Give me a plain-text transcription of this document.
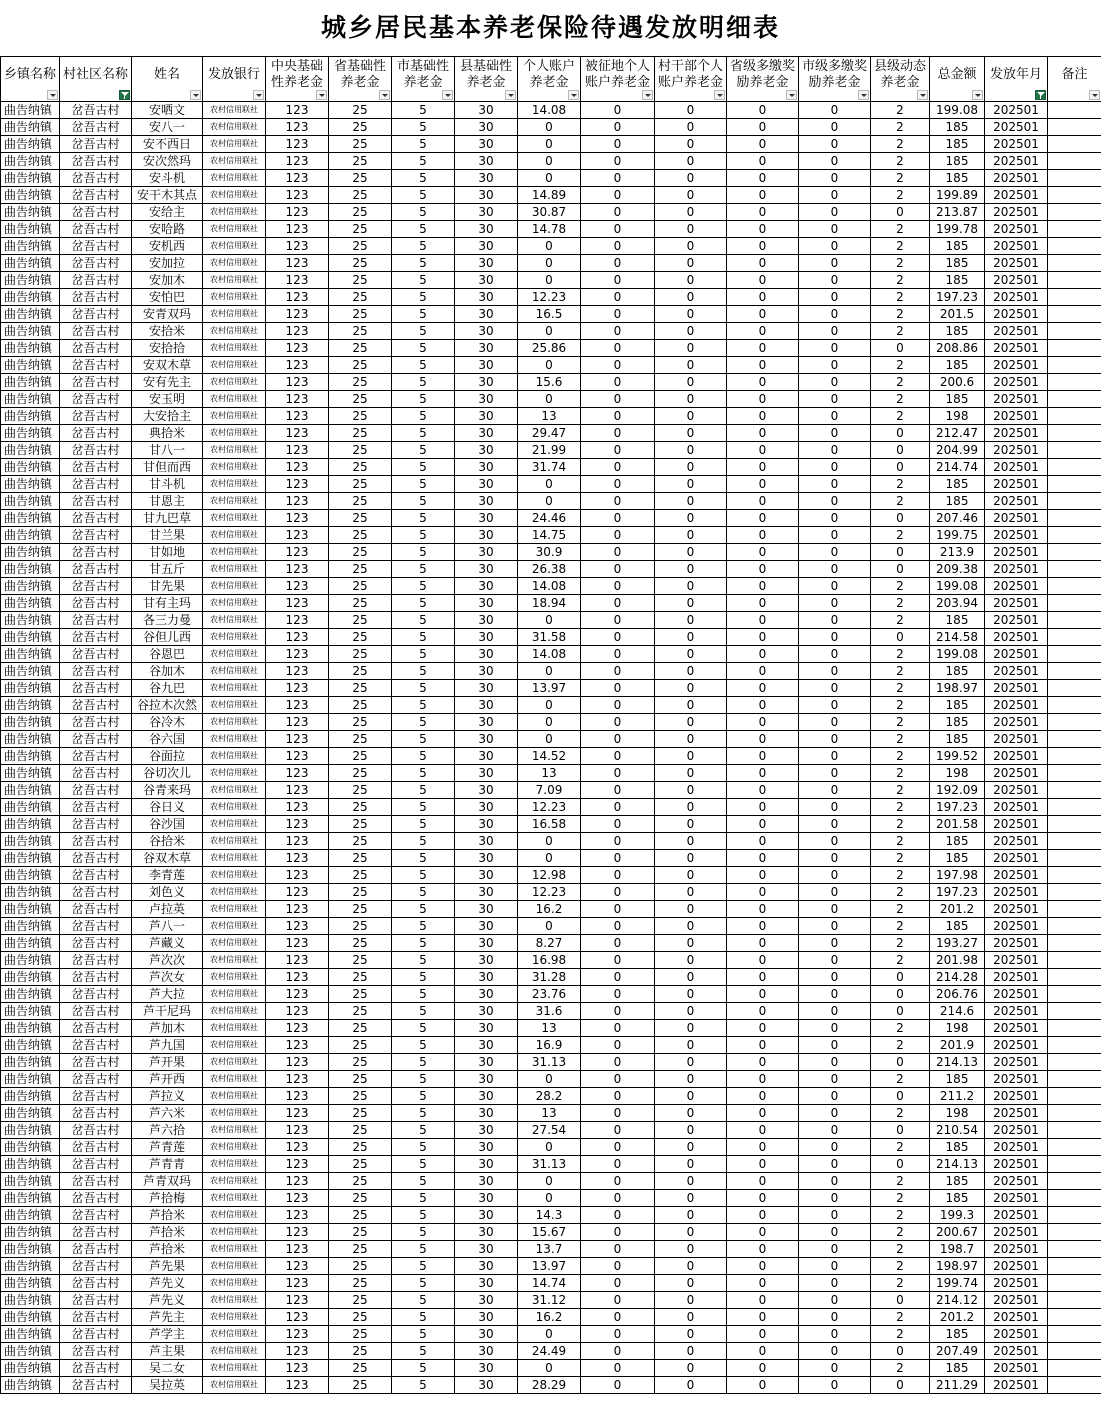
城乡居民基本养老保险待遇发放明细表
乡镇名称	村社区名称	姓名	发放银行	中央基础性养老金	省基础性养老金	市基础性养老金	县基础性养老金	个人账户养老金	被征地个人账户养老金	村干部个人账户养老金	省级多缴奖励养老金	市级多缴奖励养老金	县级动态养老金	总金额	发放年月	备注

曲告纳镇	岔吾古村	安哂文	农村信用联社	123	25	5	30	14.08	0	0	0	0	2	199.08	202501	
曲告纳镇	岔吾古村	安八一	农村信用联社	123	25	5	30	0	0	0	0	0	2	185	202501	
曲告纳镇	岔吾古村	安不西日	农村信用联社	123	25	5	30	0	0	0	0	0	2	185	202501	
曲告纳镇	岔吾古村	安次然玛	农村信用联社	123	25	5	30	0	0	0	0	0	2	185	202501	
曲告纳镇	岔吾古村	安斗机	农村信用联社	123	25	5	30	0	0	0	0	0	2	185	202501	
曲告纳镇	岔吾古村	安干木其点	农村信用联社	123	25	5	30	14.89	0	0	0	0	2	199.89	202501	
曲告纳镇	岔吾古村	安给主	农村信用联社	123	25	5	30	30.87	0	0	0	0	0	213.87	202501	
曲告纳镇	岔吾古村	安哈路	农村信用联社	123	25	5	30	14.78	0	0	0	0	2	199.78	202501	
曲告纳镇	岔吾古村	安机西	农村信用联社	123	25	5	30	0	0	0	0	0	2	185	202501	
曲告纳镇	岔吾古村	安加拉	农村信用联社	123	25	5	30	0	0	0	0	0	2	185	202501	
曲告纳镇	岔吾古村	安加木	农村信用联社	123	25	5	30	0	0	0	0	0	2	185	202501	
曲告纳镇	岔吾古村	安怕巴	农村信用联社	123	25	5	30	12.23	0	0	0	0	2	197.23	202501	
曲告纳镇	岔吾古村	安青双玛	农村信用联社	123	25	5	30	16.5	0	0	0	0	2	201.5	202501	
曲告纳镇	岔吾古村	安拾米	农村信用联社	123	25	5	30	0	0	0	0	0	2	185	202501	
曲告纳镇	岔吾古村	安拾拾	农村信用联社	123	25	5	30	25.86	0	0	0	0	0	208.86	202501	
曲告纳镇	岔吾古村	安双木草	农村信用联社	123	25	5	30	0	0	0	0	0	2	185	202501	
曲告纳镇	岔吾古村	安有先主	农村信用联社	123	25	5	30	15.6	0	0	0	0	2	200.6	202501	
曲告纳镇	岔吾古村	安玉明	农村信用联社	123	25	5	30	0	0	0	0	0	2	185	202501	
曲告纳镇	岔吾古村	大安拾主	农村信用联社	123	25	5	30	13	0	0	0	0	2	198	202501	
曲告纳镇	岔吾古村	典拾米	农村信用联社	123	25	5	30	29.47	0	0	0	0	0	212.47	202501	
曲告纳镇	岔吾古村	甘八一	农村信用联社	123	25	5	30	21.99	0	0	0	0	0	204.99	202501	
曲告纳镇	岔吾古村	甘但而西	农村信用联社	123	25	5	30	31.74	0	0	0	0	0	214.74	202501	
曲告纳镇	岔吾古村	甘斗机	农村信用联社	123	25	5	30	0	0	0	0	0	2	185	202501	
曲告纳镇	岔吾古村	甘恩主	农村信用联社	123	25	5	30	0	0	0	0	0	2	185	202501	
曲告纳镇	岔吾古村	甘九巴草	农村信用联社	123	25	5	30	24.46	0	0	0	0	0	207.46	202501	
曲告纳镇	岔吾古村	甘兰果	农村信用联社	123	25	5	30	14.75	0	0	0	0	2	199.75	202501	
曲告纳镇	岔吾古村	甘如地	农村信用联社	123	25	5	30	30.9	0	0	0	0	0	213.9	202501	
曲告纳镇	岔吾古村	甘五斤	农村信用联社	123	25	5	30	26.38	0	0	0	0	0	209.38	202501	
曲告纳镇	岔吾古村	甘先果	农村信用联社	123	25	5	30	14.08	0	0	0	0	2	199.08	202501	
曲告纳镇	岔吾古村	甘有主玛	农村信用联社	123	25	5	30	18.94	0	0	0	0	2	203.94	202501	
曲告纳镇	岔吾古村	各三力曼	农村信用联社	123	25	5	30	0	0	0	0	0	2	185	202501	
曲告纳镇	岔吾古村	谷但儿西	农村信用联社	123	25	5	30	31.58	0	0	0	0	0	214.58	202501	
曲告纳镇	岔吾古村	谷恩巴	农村信用联社	123	25	5	30	14.08	0	0	0	0	2	199.08	202501	
曲告纳镇	岔吾古村	谷加木	农村信用联社	123	25	5	30	0	0	0	0	0	2	185	202501	
曲告纳镇	岔吾古村	谷九巴	农村信用联社	123	25	5	30	13.97	0	0	0	0	2	198.97	202501	
曲告纳镇	岔吾古村	谷拉木次然	农村信用联社	123	25	5	30	0	0	0	0	0	2	185	202501	
曲告纳镇	岔吾古村	谷冷木	农村信用联社	123	25	5	30	0	0	0	0	0	2	185	202501	
曲告纳镇	岔吾古村	谷六国	农村信用联社	123	25	5	30	0	0	0	0	0	2	185	202501	
曲告纳镇	岔吾古村	谷面拉	农村信用联社	123	25	5	30	14.52	0	0	0	0	2	199.52	202501	
曲告纳镇	岔吾古村	谷切次儿	农村信用联社	123	25	5	30	13	0	0	0	0	2	198	202501	
曲告纳镇	岔吾古村	谷青来玛	农村信用联社	123	25	5	30	7.09	0	0	0	0	2	192.09	202501	
曲告纳镇	岔吾古村	谷日义	农村信用联社	123	25	5	30	12.23	0	0	0	0	2	197.23	202501	
曲告纳镇	岔吾古村	谷沙国	农村信用联社	123	25	5	30	16.58	0	0	0	0	2	201.58	202501	
曲告纳镇	岔吾古村	谷拾米	农村信用联社	123	25	5	30	0	0	0	0	0	2	185	202501	
曲告纳镇	岔吾古村	谷双木草	农村信用联社	123	25	5	30	0	0	0	0	0	2	185	202501	
曲告纳镇	岔吾古村	李青莲	农村信用联社	123	25	5	30	12.98	0	0	0	0	2	197.98	202501	
曲告纳镇	岔吾古村	刘色义	农村信用联社	123	25	5	30	12.23	0	0	0	0	2	197.23	202501	
曲告纳镇	岔吾古村	卢拉英	农村信用联社	123	25	5	30	16.2	0	0	0	0	2	201.2	202501	
曲告纳镇	岔吾古村	芦八一	农村信用联社	123	25	5	30	0	0	0	0	0	2	185	202501	
曲告纳镇	岔吾古村	芦藏义	农村信用联社	123	25	5	30	8.27	0	0	0	0	2	193.27	202501	
曲告纳镇	岔吾古村	芦次次	农村信用联社	123	25	5	30	16.98	0	0	0	0	2	201.98	202501	
曲告纳镇	岔吾古村	芦次女	农村信用联社	123	25	5	30	31.28	0	0	0	0	0	214.28	202501	
曲告纳镇	岔吾古村	芦大拉	农村信用联社	123	25	5	30	23.76	0	0	0	0	0	206.76	202501	
曲告纳镇	岔吾古村	芦干尼玛	农村信用联社	123	25	5	30	31.6	0	0	0	0	0	214.6	202501	
曲告纳镇	岔吾古村	芦加木	农村信用联社	123	25	5	30	13	0	0	0	0	2	198	202501	
曲告纳镇	岔吾古村	芦九国	农村信用联社	123	25	5	30	16.9	0	0	0	0	2	201.9	202501	
曲告纳镇	岔吾古村	芦开果	农村信用联社	123	25	5	30	31.13	0	0	0	0	0	214.13	202501	
曲告纳镇	岔吾古村	芦开西	农村信用联社	123	25	5	30	0	0	0	0	0	2	185	202501	
曲告纳镇	岔吾古村	芦拉义	农村信用联社	123	25	5	30	28.2	0	0	0	0	0	211.2	202501	
曲告纳镇	岔吾古村	芦六米	农村信用联社	123	25	5	30	13	0	0	0	0	2	198	202501	
曲告纳镇	岔吾古村	芦六拾	农村信用联社	123	25	5	30	27.54	0	0	0	0	0	210.54	202501	
曲告纳镇	岔吾古村	芦青莲	农村信用联社	123	25	5	30	0	0	0	0	0	2	185	202501	
曲告纳镇	岔吾古村	芦青青	农村信用联社	123	25	5	30	31.13	0	0	0	0	0	214.13	202501	
曲告纳镇	岔吾古村	芦青双玛	农村信用联社	123	25	5	30	0	0	0	0	0	2	185	202501	
曲告纳镇	岔吾古村	芦拾梅	农村信用联社	123	25	5	30	0	0	0	0	0	2	185	202501	
曲告纳镇	岔吾古村	芦拾米	农村信用联社	123	25	5	30	14.3	0	0	0	0	2	199.3	202501	
曲告纳镇	岔吾古村	芦拾米	农村信用联社	123	25	5	30	15.67	0	0	0	0	2	200.67	202501	
曲告纳镇	岔吾古村	芦拾米	农村信用联社	123	25	5	30	13.7	0	0	0	0	2	198.7	202501	
曲告纳镇	岔吾古村	芦先果	农村信用联社	123	25	5	30	13.97	0	0	0	0	2	198.97	202501	
曲告纳镇	岔吾古村	芦先义	农村信用联社	123	25	5	30	14.74	0	0	0	0	2	199.74	202501	
曲告纳镇	岔吾古村	芦先义	农村信用联社	123	25	5	30	31.12	0	0	0	0	0	214.12	202501	
曲告纳镇	岔吾古村	芦先主	农村信用联社	123	25	5	30	16.2	0	0	0	0	2	201.2	202501	
曲告纳镇	岔吾古村	芦学主	农村信用联社	123	25	5	30	0	0	0	0	0	2	185	202501	
曲告纳镇	岔吾古村	芦主果	农村信用联社	123	25	5	30	24.49	0	0	0	0	0	207.49	202501	
曲告纳镇	岔吾古村	吴二女	农村信用联社	123	25	5	30	0	0	0	0	0	2	185	202501	
曲告纳镇	岔吾古村	吴拉英	农村信用联社	123	25	5	30	28.29	0	0	0	0	0	211.29	202501	
